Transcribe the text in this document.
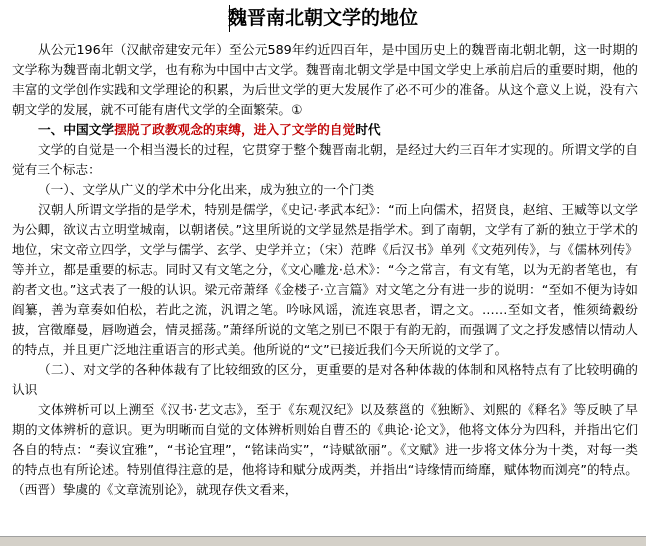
魏晋南北朝文学的地位

从公元196年（汉献帝建安元年）至公元589年约近四百年，是中国历史上的魏晋南北朝北朝，这一时期的文学称为魏晋南北朝文学，也有称为中国中古文学。魏晋南北朝文学是中国文学史上承前启后的重要时期，他的丰富的文学创作实践和文学理论的积累，为后世文学的更大发展作了必不可少的准备。从这个意义上说，没有六朝文学的发展，就不可能有唐代文学的全面繁荣。①

一、中国文学摆脱了政教观念的束缚，进入了文学的自觉时代

文学的自觉是一个相当漫长的过程，它贯穿于整个魏晋南北朝，是经过大约三百年才实现的。所谓文学的自觉有三个标志：

（一）、文学从广义的学术中分化出来，成为独立的一个门类

汉朝人所谓文学指的是学术，特别是儒学，《史记·孝武本纪》：“而上向儒术，招贤良，赵绾、王臧等以文学为公卿，欲议古立明堂城南，以朝诸侯。”这里所说的文学显然是指学术。到了南朝，文学有了新的独立于学术的地位，宋文帝立四学，文学与儒学、玄学、史学并立；（宋）范晔《后汉书》单列《文苑列传》，与《儒林列传》等并立，都是重要的标志。同时又有文笔之分，《文心雕龙·总术》：“今之常言，有文有笔，以为无韵者笔也，有韵者文也。”这式表了一般的认识。梁元帝萧绎《金楼子·立言篇》对文笔之分有进一步的说明：“至如不便为诗如阎纂，善为章奏如伯松，若此之流，汎谓之笔。吟咏风谣，流连哀思者，谓之文。……至如文者，惟须绮縠纷披，宫徵靡曼，唇吻遒会，情灵摇荡。”萧绎所说的文笔之别已不限于有韵无韵，而强调了文之抒发感情以情动人的特点，并且更广泛地注重语言的形式美。他所说的“文”已接近我们今天所说的文学了。

（二）、对文学的各种体裁有了比较细致的区分，更重要的是对各种体裁的体制和风格特点有了比较明确的认识

文体辨析可以上溯至《汉书·艺文志》，至于《东观汉纪》以及蔡邕的《独断》、刘熙的《释名》等反映了早期的文体辨析的意识。更为明晰而自觉的文体辨析则始自曹丕的《典论·论文》，他将文体分为四科，并指出它们各自的特点：“奏议宜雅”，“书论宜理”，“铭诔尚实”，“诗赋欲丽”。《文赋》进一步将文体分为十类，对每一类的特点也有所论述。特别值得注意的是，他将诗和赋分成两类，并指出“诗缘情而绮靡，赋体物而浏亮”的特点。（西晋）挚虞的《文章流别论》，就现存佚文看来，
